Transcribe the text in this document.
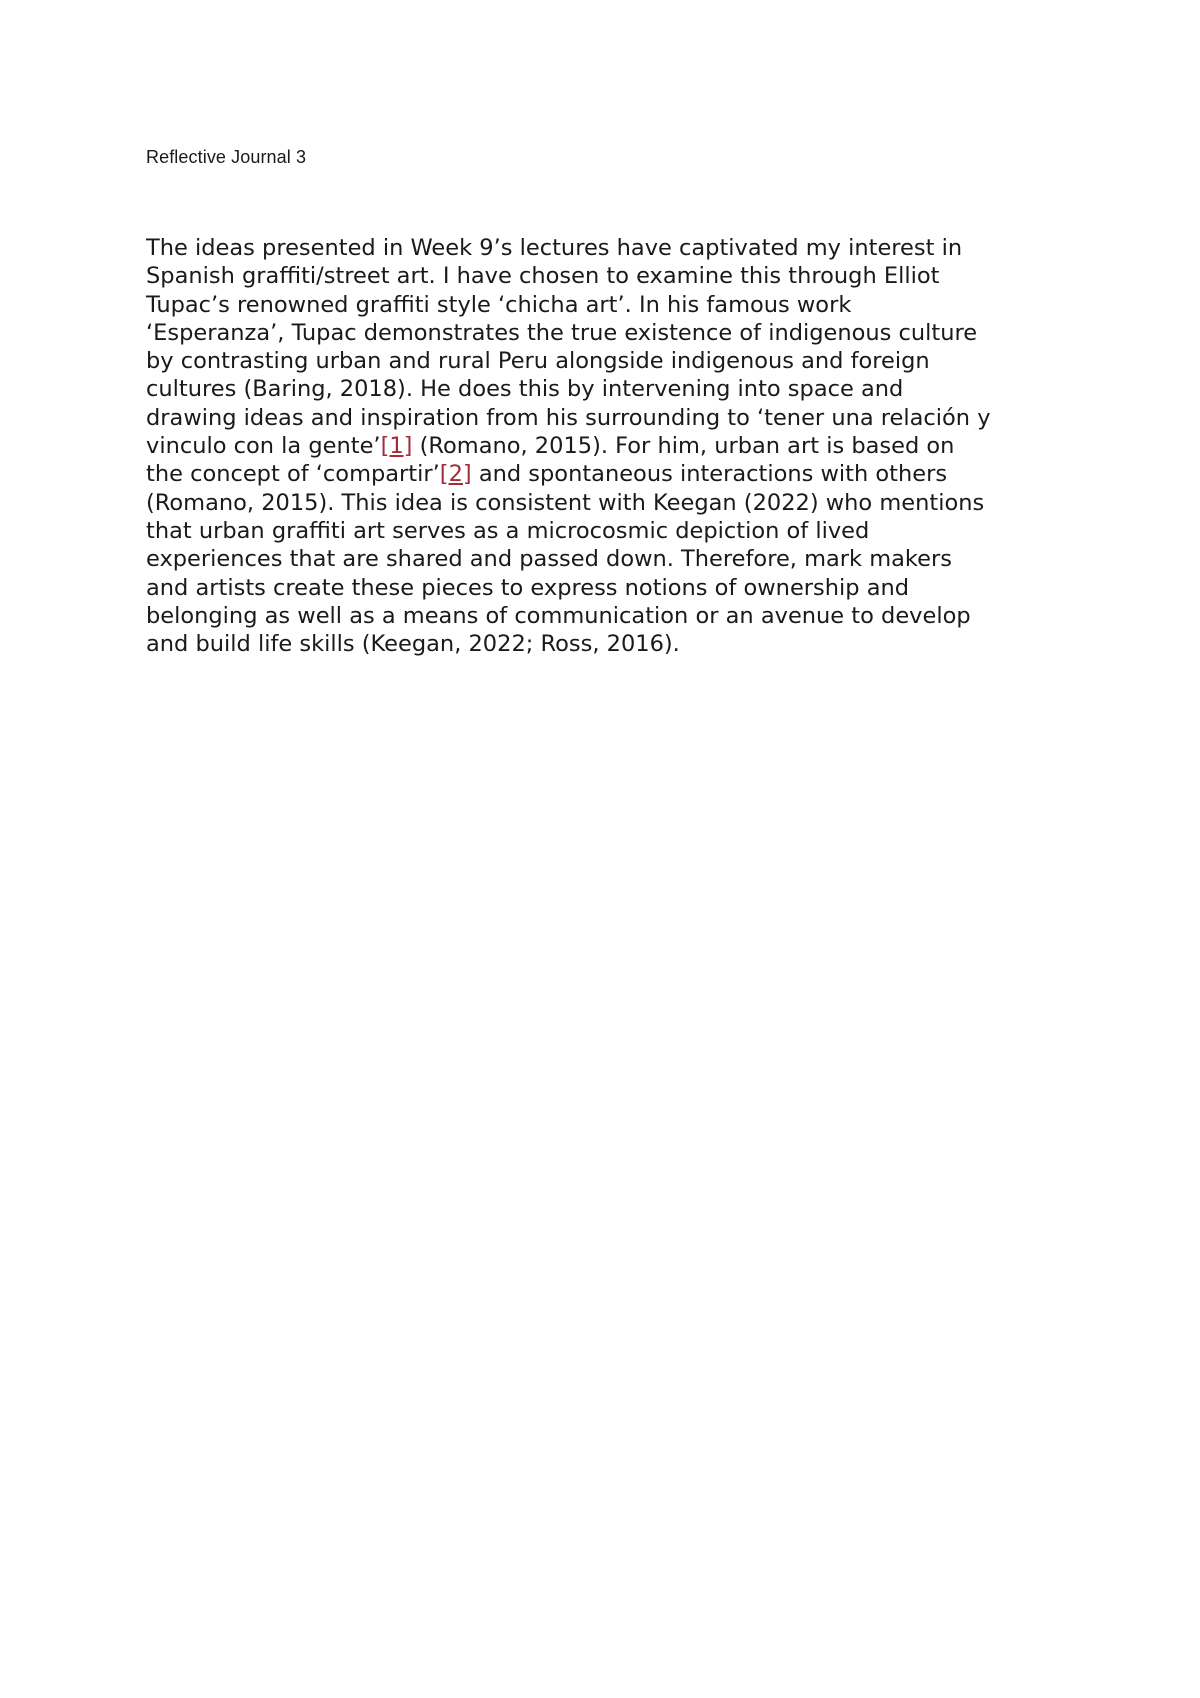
Reflective Journal 3
The ideas presented in Week 9’s lectures have captivated my interest in
Spanish graffiti/street art. I have chosen to examine this through Elliot
Tupac’s renowned graffiti style ‘chicha art’. In his famous work
‘Esperanza’, Tupac demonstrates the true existence of indigenous culture
by contrasting urban and rural Peru alongside indigenous and foreign
cultures (Baring, 2018). He does this by intervening into space and
drawing ideas and inspiration from his surrounding to ‘tener una relación y
vinculo con la gente’[1] (Romano, 2015). For him, urban art is based on
the concept of ‘compartir’[2] and spontaneous interactions with others
(Romano, 2015). This idea is consistent with Keegan (2022) who mentions
that urban graffiti art serves as a microcosmic depiction of lived
experiences that are shared and passed down. Therefore, mark makers
and artists create these pieces to express notions of ownership and
belonging as well as a means of communication or an avenue to develop
and build life skills (Keegan, 2022; Ross, 2016).
